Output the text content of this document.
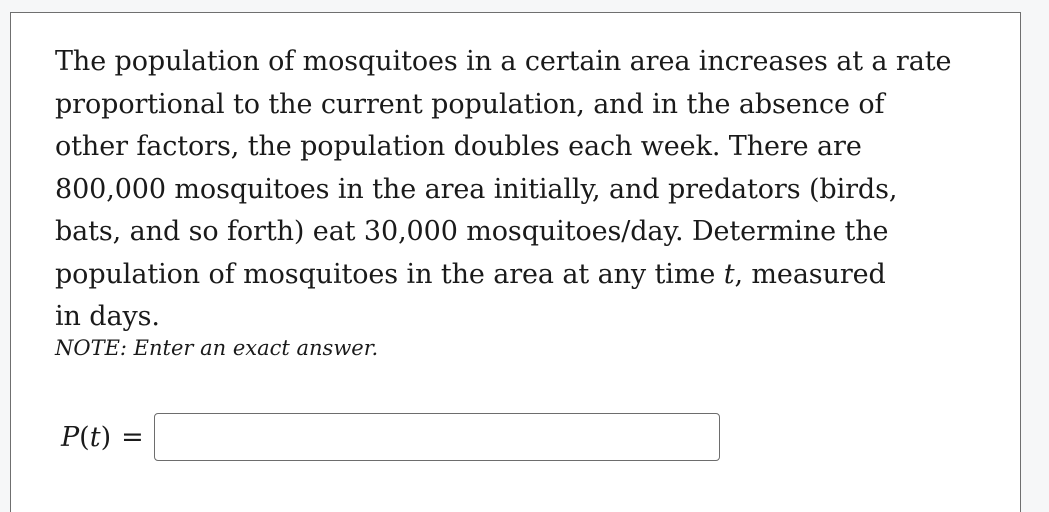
The population of mosquitoes in a certain area increases at a rate
proportional to the current population, and in the absence of
other factors, the population doubles each week. There are
800,000 mosquitoes in the area initially, and predators (birds,
bats, and so forth) eat 30,000 mosquitoes/day. Determine the
population of mosquitoes in the area at any time t, measured
in days.
NOTE: Enter an exact answer.
P(t) =
